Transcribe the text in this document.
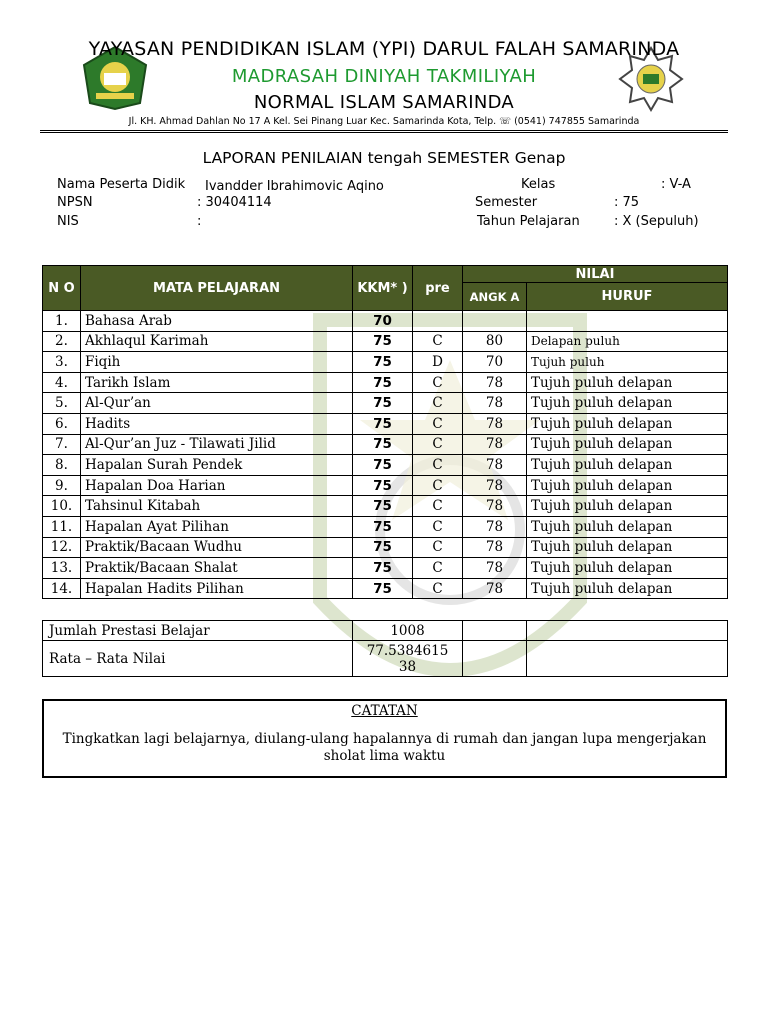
YAYASAN PENDIDIKAN ISLAM (YPI) DARUL FALAH SAMARINDA
MADRASAH DINIYAH TAKMILIYAH
NORMAL ISLAM SAMARINDA
Jl. KH. Ahmad Dahlan No 17 A Kel. Sei Pinang Luar Kec. Samarinda Kota, Telp. ☏ (0541) 747855 Samarinda
LAPORAN PENILAIAN tengah SEMESTER Genap
Nama Peserta Didik Ivandder Ibrahimovic Aqino
NPSN	: 30404114
NIS	:
Kelas	: V-A
Semester	: 75
Tahun Pelajaran	: X (Sepuluh)
N O	MATA PELAJARAN	KKM* )	pre	NILAI	
				ANGK A	HURUF
1.	Bahasa Arab	70			
2.	Akhlaqul Karimah	75	C	80	Delapan puluh
3.	Fiqih	75	D	70	Tujuh puluh
4.	Tarikh Islam	75	C	78	Tujuh puluh delapan
5.	Al-Qur’an	75	C	78	Tujuh puluh delapan
6.	Hadits	75	C	78	Tujuh puluh delapan
7.	Al-Qur’an Juz - Tilawati Jilid	75	C	78	Tujuh puluh delapan
8.	Hapalan Surah Pendek	75	C	78	Tujuh puluh delapan
9.	Hapalan Doa Harian	75	C	78	Tujuh puluh delapan
10.	Tahsinul Kitabah	75	C	78	Tujuh puluh delapan
11.	Hapalan Ayat Pilihan	75	C	78	Tujuh puluh delapan
12.	Praktik/Bacaan Wudhu	75	C	78	Tujuh puluh delapan
13.	Praktik/Bacaan Shalat	75	C	78	Tujuh puluh delapan
14.	Hapalan Hadits Pilihan	75	C	78	Tujuh puluh delapan
Jumlah Prestasi Belajar	1008		
Rata – Rata Nilai	77.5384615 38		
CATATAN
Tingkatkan lagi belajarnya, diulang-ulang hapalannya di rumah dan jangan lupa mengerjakan sholat lima waktu
